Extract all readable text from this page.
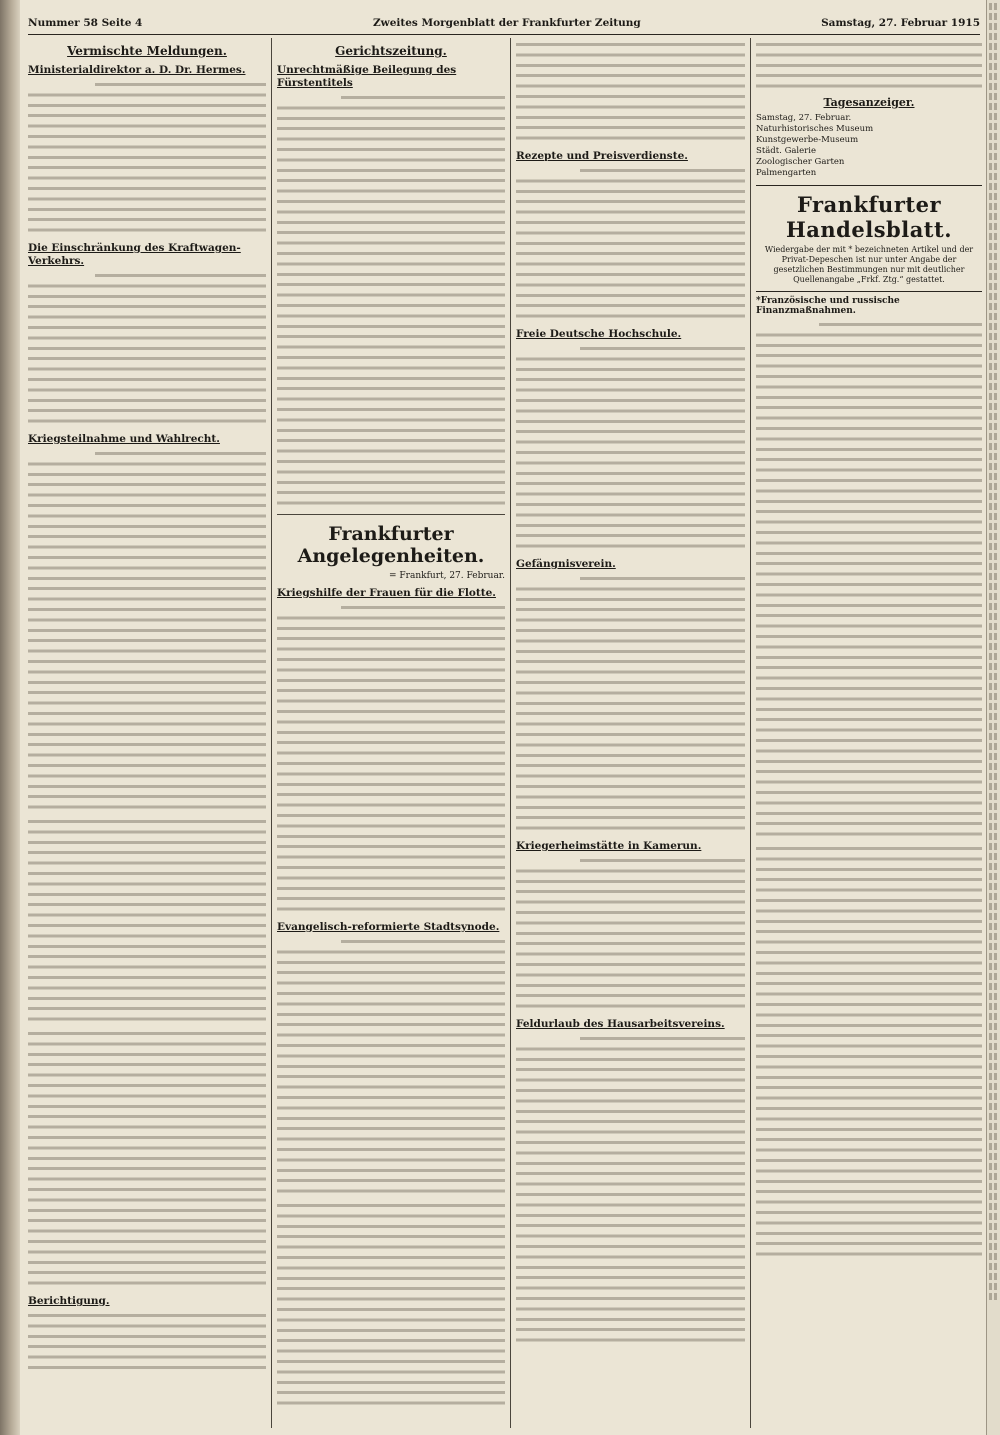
Nummer 58 Seite 4	Zweites Morgenblatt der Frankfurter Zeitung	Samstag, 27. Februar 1915
Vermischte Meldungen.
Ministerialdirektor a. D. Dr. Hermes.
Die Einschränkung des Kraftwagen-Verkehrs.
Kriegsteilnahme und Wahlrecht.
Berichtigung.
Gerichtszeitung.
Unrechtmäßige Beilegung des Fürstentitels
Frankfurter Angelegenheiten.
= Frankfurt, 27. Februar.
Kriegshilfe der Frauen für die Flotte.
Evangelisch-reformierte Stadtsynode.
Rezepte und Preisverdienste.
Freie Deutsche Hochschule.
Gefängnisverein.
Kriegerheimstätte in Kamerun.
Feldurlaub des Hausarbeitsvereins.
Tagesanzeiger.
Samstag, 27. Februar.
Naturhistorisches Museum
Kunstgewerbe-Museum
Städt. Galerie
Zoologischer Garten
Palmengarten
Frankfurter Handelsblatt.
Wiedergabe der mit * bezeichneten Artikel und der Privat-Depeschen ist nur unter Angabe der gesetzlichen Bestimmungen nur mit deutlicher Quellenangabe „Frkf. Ztg.“ gestattet.
*Französische und russische Finanzmaßnahmen.
